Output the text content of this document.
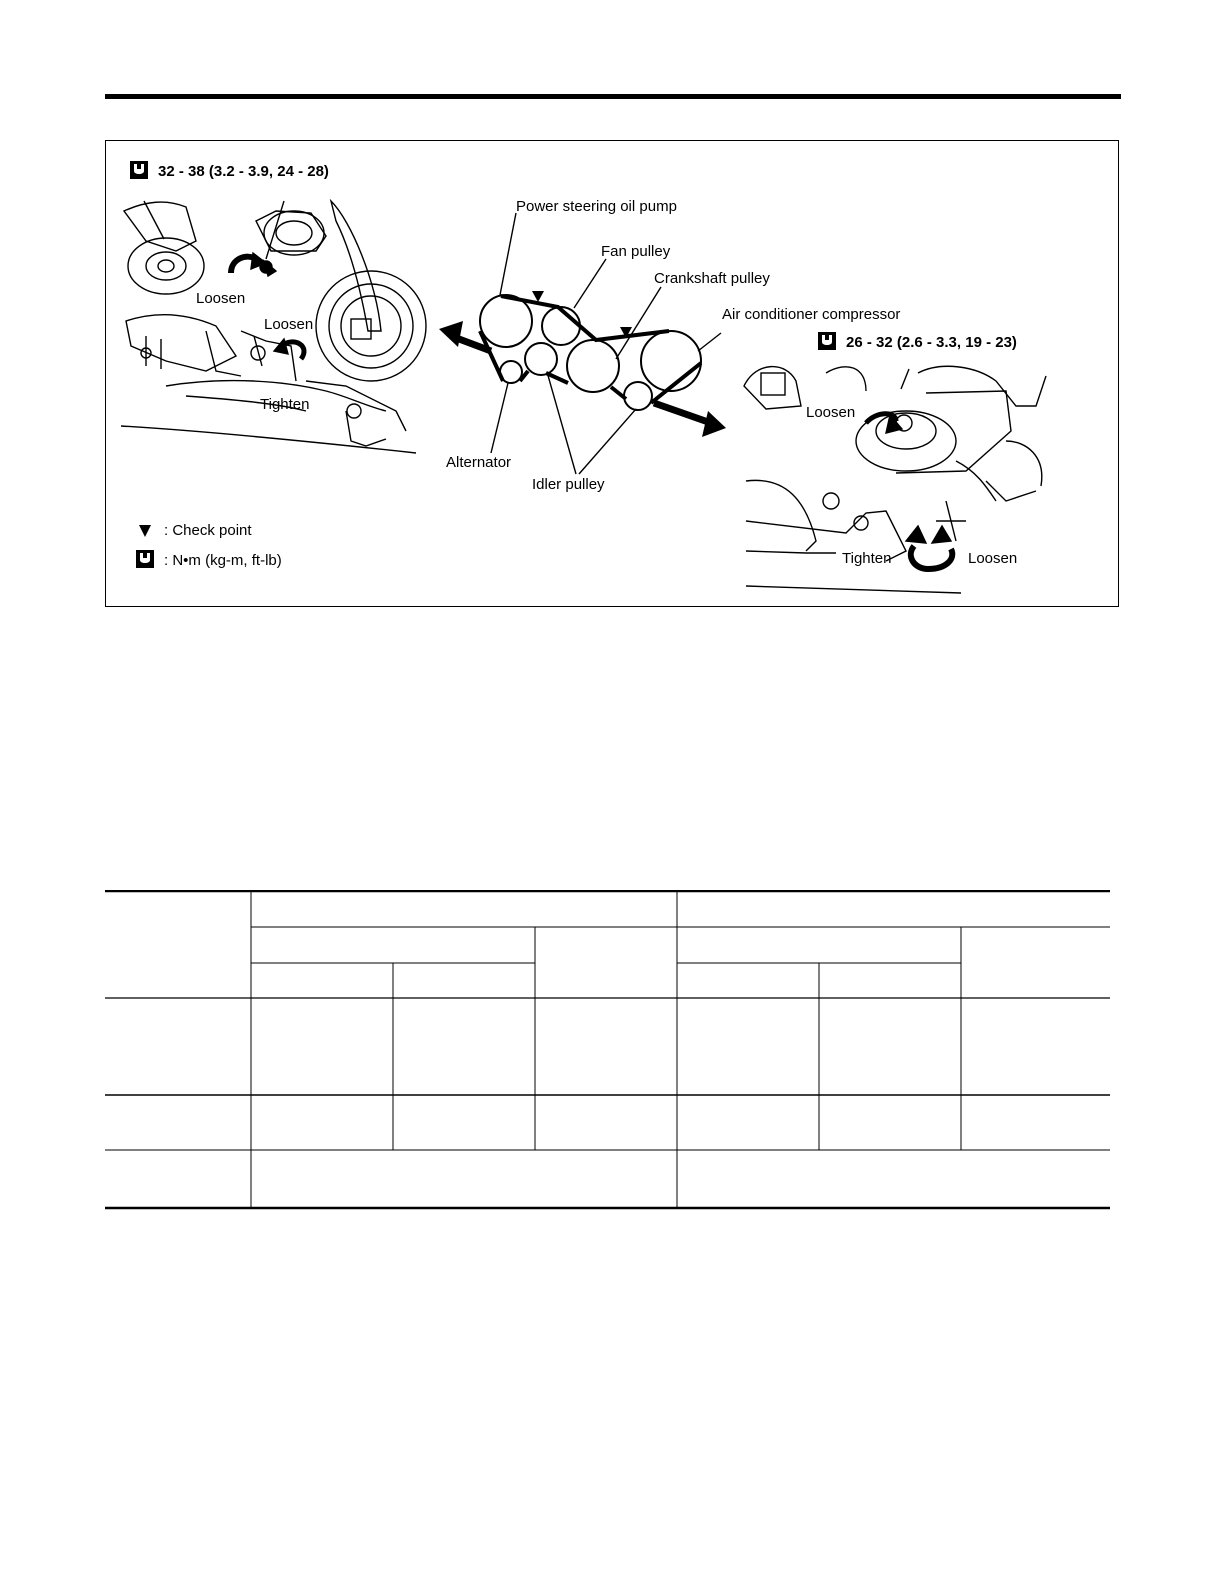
32 - 38 (3.2 - 3.9, 24 - 28)
Loosen
Loosen
Tighten
Power steering oil pump
Fan pulley
Crankshaft pulley
Air conditioner compressor
Alternator
Idler pulley
26 - 32 (2.6 - 3.3, 19 - 23)
Loosen
Tighten	Loosen
: Check point
: N•m (kg-m, ft-lb)
